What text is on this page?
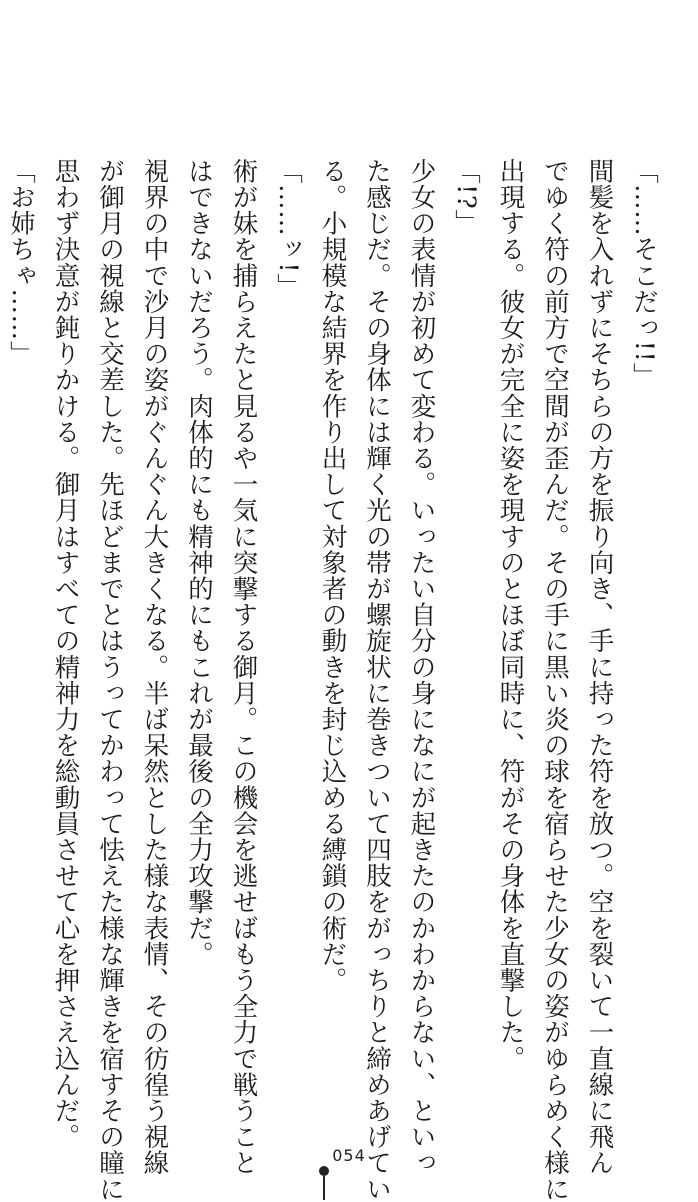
「……そこだっ!!」
間髪を入れずにそちらの方を振り向き、手に持った符を放つ。空を裂いて一直線に飛ん
でゆく符の前方で空間が歪んだ。その手に黒い炎の球を宿らせた少女の姿がゆらめく様に
出現する。彼女が完全に姿を現すのとほぼ同時に、符がその身体を直撃した。
「!?」
少女の表情が初めて変わる。いったい自分の身になにが起きたのかわからない、といっ
た感じだ。その身体には輝く光の帯が螺旋状に巻きついて四肢をがっちりと締めあげてい
る。小規模な結界を作り出して対象者の動きを封じ込める縛鎖の術だ。
「……ッ!」
術が妹を捕らえたと見るや一気に突撃する御月。この機会を逃せばもう全力で戦うこと
はできないだろう。肉体的にも精神的にもこれが最後の全力攻撃だ。
視界の中で沙月の姿がぐんぐん大きくなる。半ば呆然とした様な表情、その彷徨う視線
が御月の視線と交差した。先ほどまでとはうってかわって怯えた様な輝きを宿すその瞳に
思わず決意が鈍りかける。御月はすべての精神力を総動員させて心を押さえ込んだ。
「お姉ちゃ……」
054
